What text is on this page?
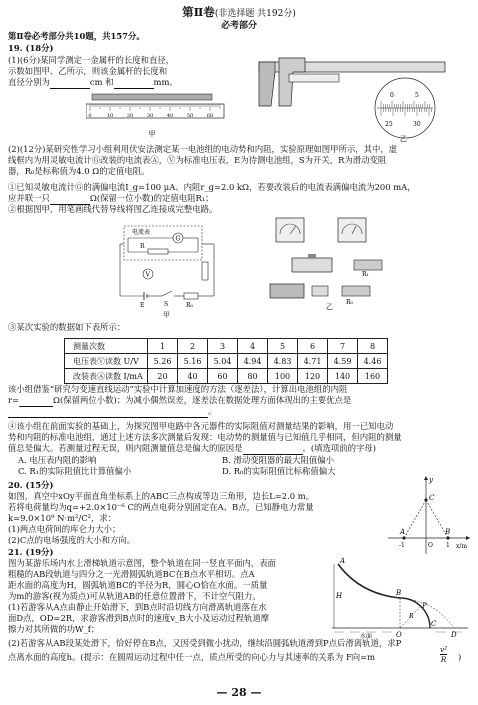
第Ⅱ卷(非选择题 共192分)
必考部分
第Ⅱ卷必考部分共10题，共157分。
19. (18分)
(1)(6分)某同学测定一金属杆的长度和直径，
示数如图甲、乙所示，则该金属杆的长度和
直径分别为	cm 和	mm。
0	10	20	30	40	50	60
甲
0	5
25	30
乙
(2)(12分)某研究性学习小组利用伏安法测定某一电池组的电动势和内阻，实验原理如图甲所示，其中，虚
线框内为用灵敏电流计Ⓖ改装的电流表Ⓐ，Ⓥ为标准电压表，E为待测电池组，S为开关，R为滑动变阻
器，R₀是标称值为4.0 Ω的定值电阻。
①已知灵敏电流计Ⓖ的满偏电流I_g=100 μA、内阻r_g=2.0 kΩ，若要改装后的电流表满偏电流为200 mA，
应并联一只	Ω(保留一位小数)的定值电阻R₁；
②根据图甲，用笔画线代替导线将图乙连接成完整电路。
电流表
G
R
V
E	S	R₀
甲
R₁
R₀
乙
③某次实验的数据如下表所示：
测量次数	1	2	3	4	5	6	7	8
电压表Ⓥ读数 U/V	5.26	5.16	5.04	4.94	4.83	4.71	4.59	4.46
改装表Ⓐ读数 I/mA	20	40	60	80	100	120	140	160
该小组借鉴“研究匀变速直线运动”实验中计算加速度的方法（逐差法），计算出电池组的内阻
r=	Ω(保留两位小数)；为减小偶然误差，逐差法在数据处理方面体现出的主要优点是
。
④该小组在前面实验的基础上，为探究图甲电路中各元器件的实际阻值对测量结果的影响，用一已知电动
势和内阻的标准电池组，通过上述方法多次测量后发现：电动势的测量值与已知值几乎相同，但内阻的测量
值总是偏大。若测量过程无误，则内阻测量值总是偏大的原因是	。(填选项前的字母)
A. 电压表内阻的影响	B. 滑动变阻器的最大阻值偏小
C. R₁的实际阻值比计算值偏小	D. R₀的实际阻值比标称值偏大
20. (15分)
如图，真空中xOy平面直角坐标系上的ABC三点构成等边三角形，边长L=2.0 m。
若将电荷量均为q=+2.0×10⁻⁶ C的两点电荷分别固定在A、B点，已知静电力常量
k=9.0×10⁹ N·m²/C²，求：
(1)两点电荷间的库仑力大小；
(2)C点的电场强度的大小和方向。
y
x/m
C
A	B
O
-1	1
21. (19分)
图为某游乐场内水上滑梯轨道示意图，整个轨道在同一竖直平面内，表面
粗糙的AB段轨道与四分之一光滑圆弧轨道BC在B点水平相切。点A
距水面的高度为H，圆弧轨道BC的半径为R，圆心O恰在水面。一质量
为m的游客(视为质点)可从轨道AB的任意位置滑下，不计空气阻力。
(1)若游客从A点由静止开始滑下，到B点时沿切线方向滑离轨道落在水
面D点，OD=2R，求游客滑到B点时的速度v_B大小及运动过程轨道摩
擦力对其所做的功W_f；
(2)若游客从AB段某处滑下，恰好停在B点，又因受到微小扰动，继续沿圆弧轨道滑到P点后滑离轨道，求P
点离水面的高度h。(提示：在圆周运动过程中任一点，质点所受的向心力与其速率的关系为 F向=m	$\frac{\text{v²}}{R}$ )
H
A
B
C
O
P
D
R
水面
— 28 —
